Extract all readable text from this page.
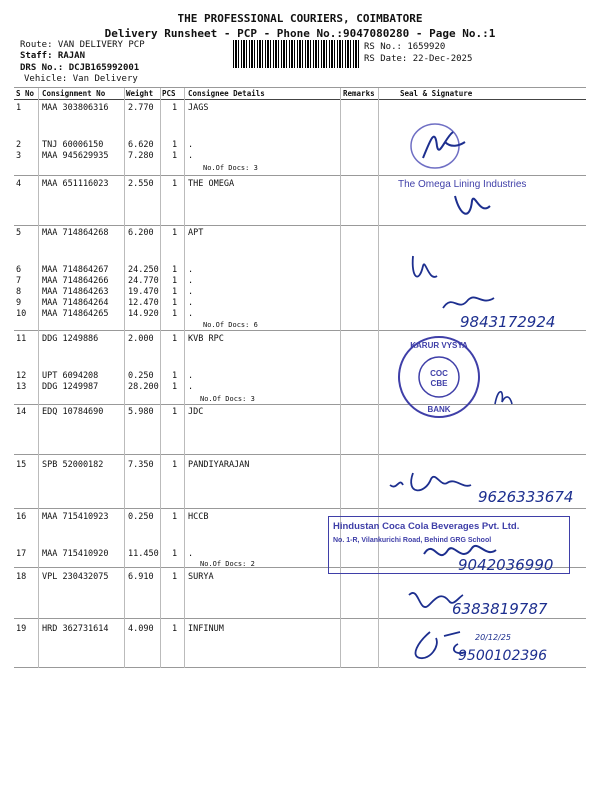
THE PROFESSIONAL COURIERS, COIMBATORE
Delivery Runsheet - PCP - Phone No.:9047080280 - Page No.:1
Route: VAN DELIVERY PCP
Staff: RAJAN
DRS No.: DCJB165992001
Vehicle: Van Delivery
RS No.: 1659920
RS Date: 22-Dec-2025
S No Consignment No	Weight PCS Consignee Details	Remarks	Seal & Signature
1 MAA 303806316 2.770 1 JAGS
2 TNJ 60006150	6.620 1 .
3 MAA 945629935 7.280 1 .
No.Of Docs: 3
4 MAA 651116023 2.550 1 THE OMEGA
5 MAA 714864268 6.200 1 APT
6 MAA 714864267 24.250 1 .
7 MAA 714864266 24.770 1 .
8 MAA 714864263 19.470 1 .
9 MAA 714864264 12.470 1 .
10 MAA 714864265 14.920 1 .
No.Of Docs: 6
11 DDG 1249886	2.000 1 KVB RPC
12 UPT 6094208	0.250 1 .
13 DDG 1249987	28.200 1 .
No.Of Docs: 3
14 EDQ 10784690	5.980 1 JDC
15 SPB 52000182	7.350 1 PANDIYARAJAN
16 MAA 715410923 0.250 1 HCCB
17 MAA 715410920 11.450 1 .
No.Of Docs: 2
18 VPL 230432075 6.910 1 SURYA
19 HRD 362731614 4.090 1 INFINUM
The Omega Lining Industries
9843172924
KARUR VYSYA
BANK
COC
CBE
9626333674
Hindustan Coca Cola Beverages Pvt. Ltd.
No. 1-R, Vilankurichi Road, Behind GRG School
9042036990
6383819787
20/12/25
9500102396
